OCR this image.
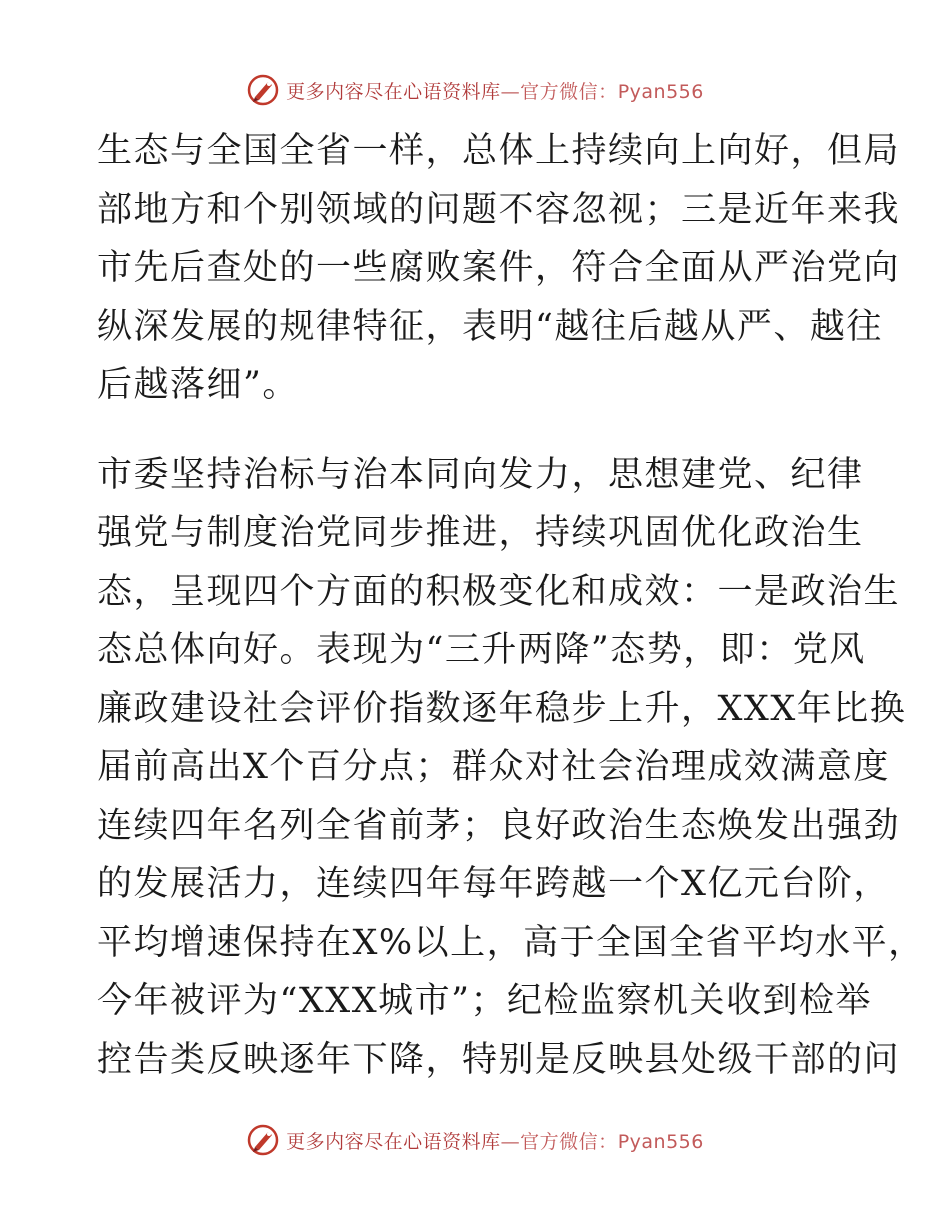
更多内容尽在心语资料库—官方微信：Pyan556

生态与全国全省一样，总体上持续向上向好，但局

部地方和个别领域的问题不容忽视；三是近年来我

市先后查处的一些腐败案件，符合全面从严治党向

纵深发展的规律特征，表明“越往后越从严、越往

后越落细”。

市委坚持治标与治本同向发力，思想建党、纪律

强党与制度治党同步推进，持续巩固优化政治生

态，呈现四个方面的积极变化和成效：一是政治生

态总体向好。表现为“三升两降”态势，即：党风

廉政建设社会评价指数逐年稳步上升，XXX年比换

届前高出X个百分点；群众对社会治理成效满意度

连续四年名列全省前茅；良好政治生态焕发出强劲

的发展活力，连续四年每年跨越一个X亿元台阶，

平均增速保持在X%以上，高于全国全省平均水平，

今年被评为“XXX城市”；纪检监察机关收到检举

控告类反映逐年下降，特别是反映县处级干部的问

更多内容尽在心语资料库—官方微信：Pyan556
